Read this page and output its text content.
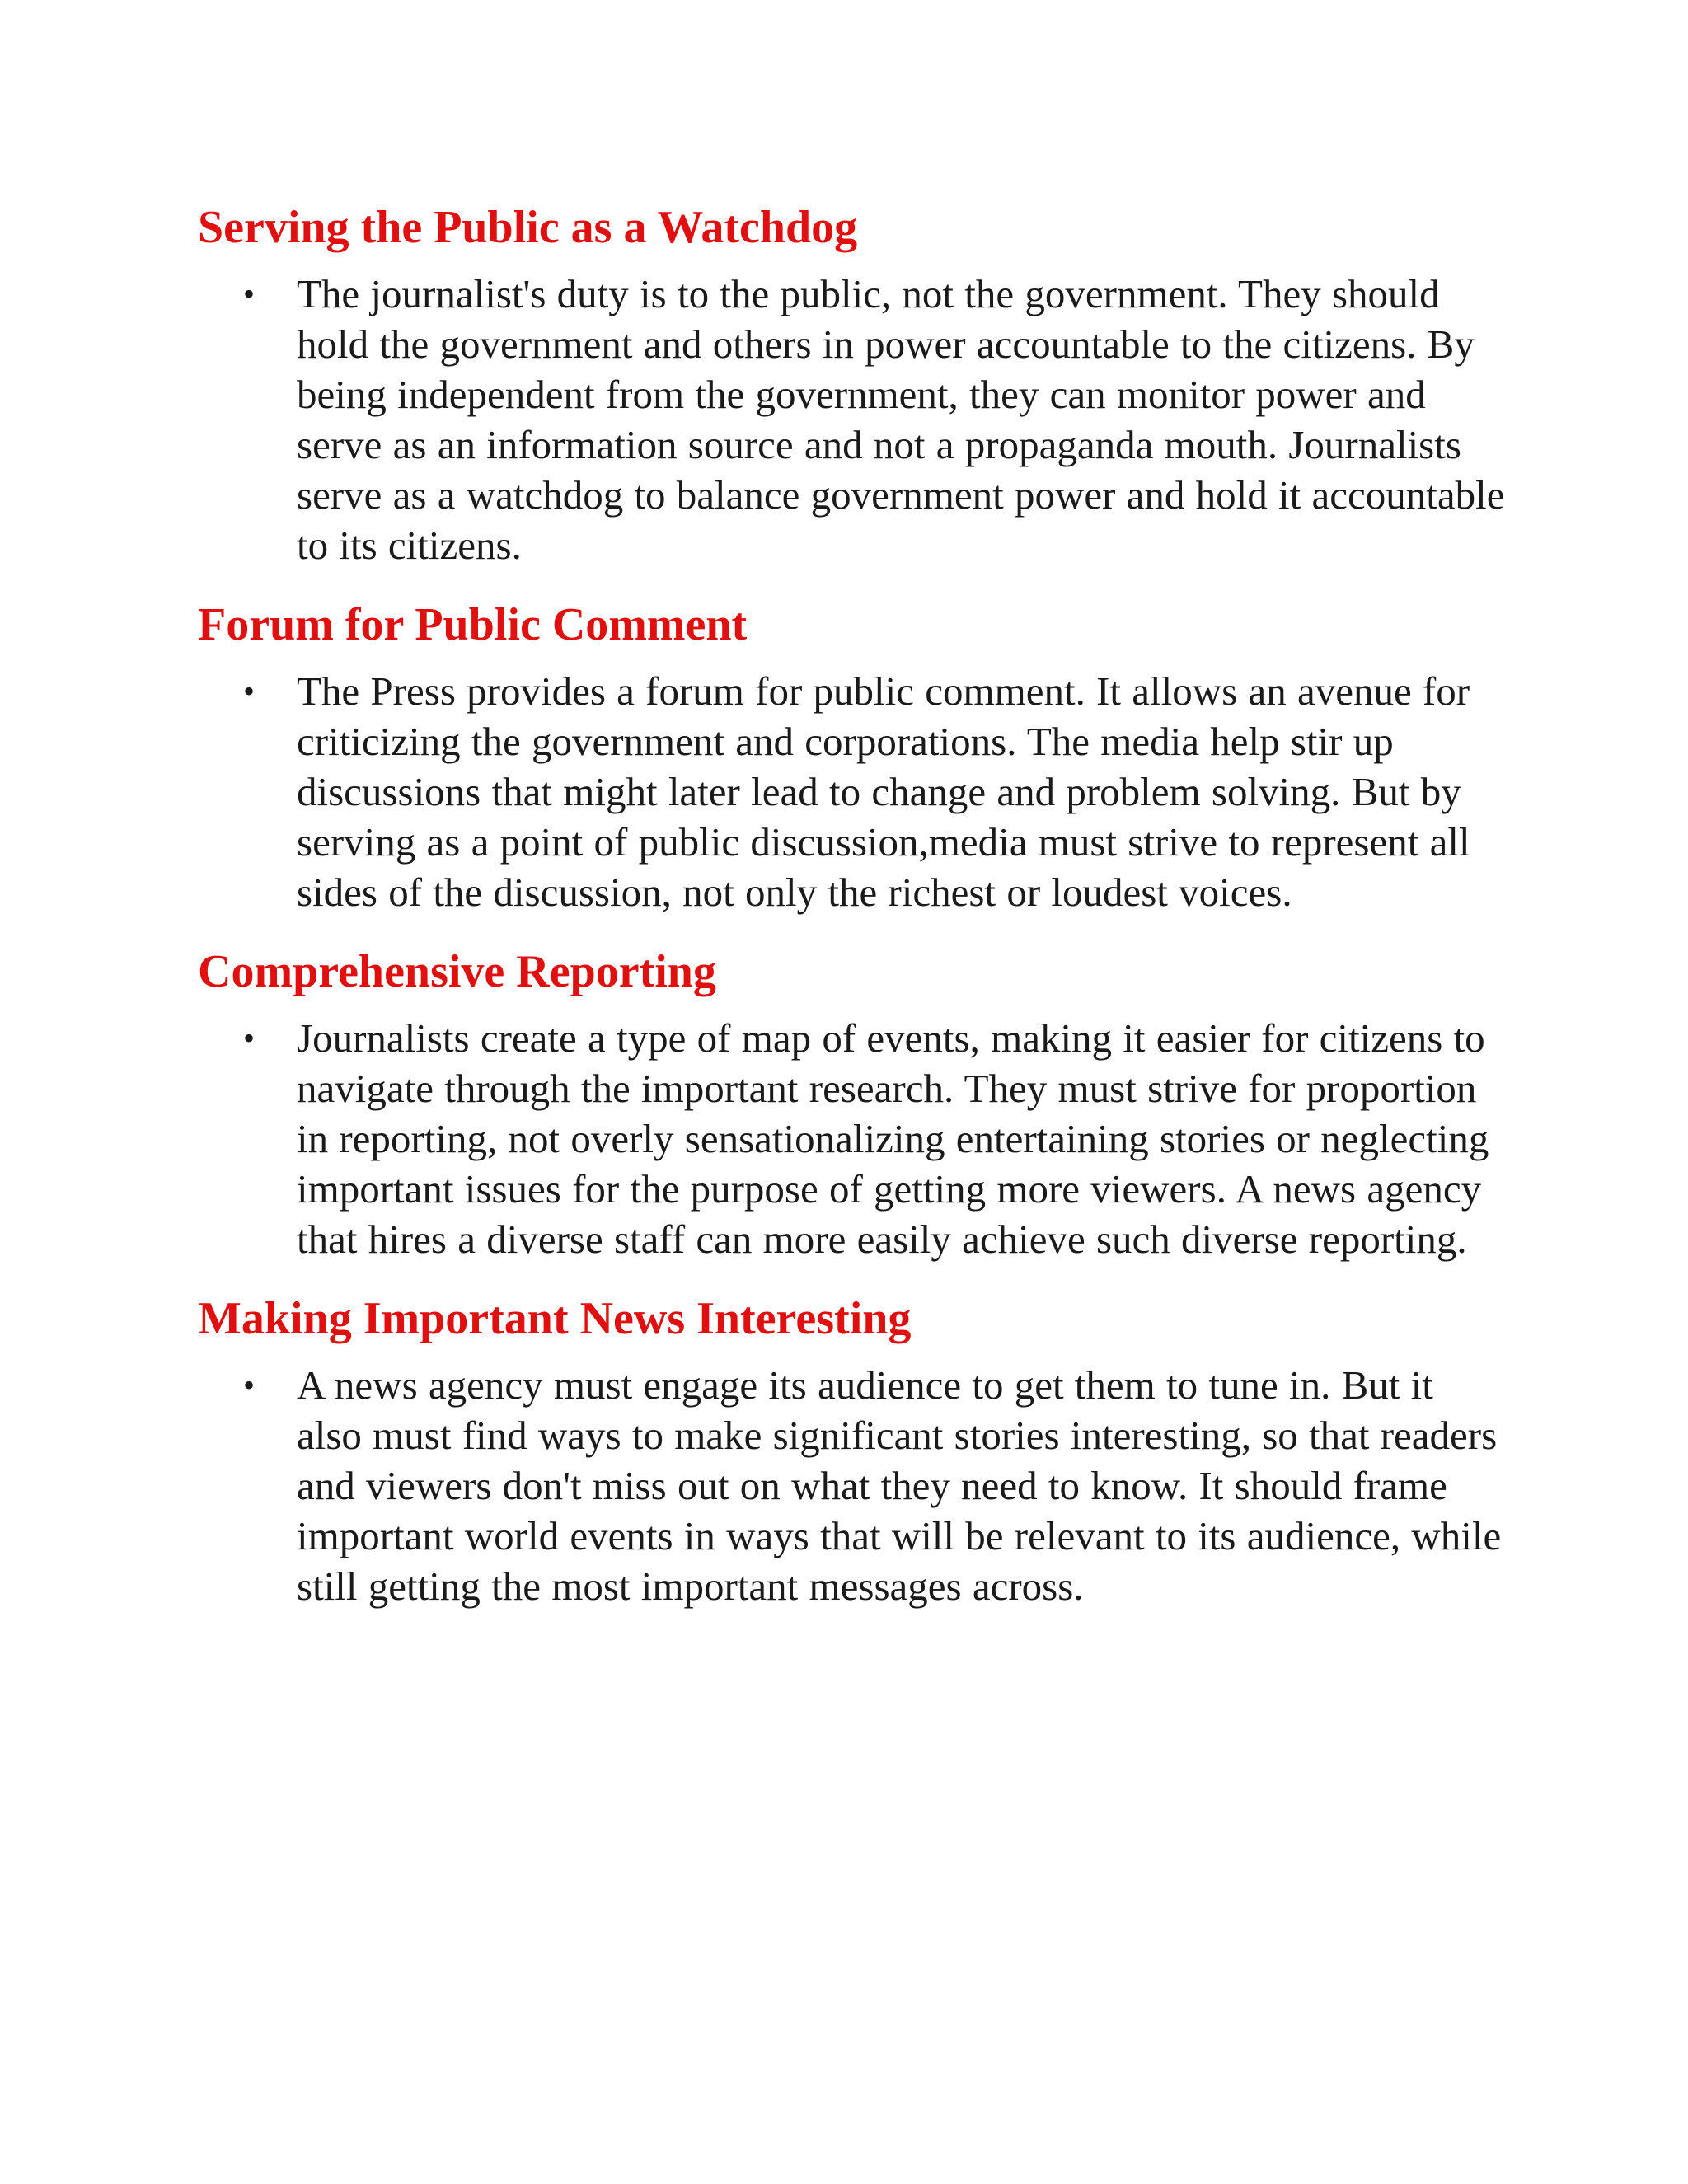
Serving the Public as a Watchdog
• The journalist's duty is to the public, not the government. They should hold the government and others in power accountable to the citizens. By being independent from the government, they can monitor power and serve as an information source and not a propaganda mouth. Journalists serve as a watchdog to balance government power and hold it accountable to its citizens.
Forum for Public Comment
• The Press provides a forum for public comment. It allows an avenue for criticizing the government and corporations. The media help stir up discussions that might later lead to change and problem solving. But by serving as a point of public discussion,media must strive to represent all sides of the discussion, not only the richest or loudest voices.
Comprehensive Reporting
• Journalists create a type of map of events, making it easier for citizens to navigate through the important research. They must strive for proportion in reporting, not overly sensationalizing entertaining stories or neglecting important issues for the purpose of getting more viewers. A news agency that hires a diverse staff can more easily achieve such diverse reporting.
Making Important News Interesting
• A news agency must engage its audience to get them to tune in. But it also must find ways to make significant stories interesting, so that readers and viewers don't miss out on what they need to know. It should frame important world events in ways that will be relevant to its audience, while still getting the most important messages across.
